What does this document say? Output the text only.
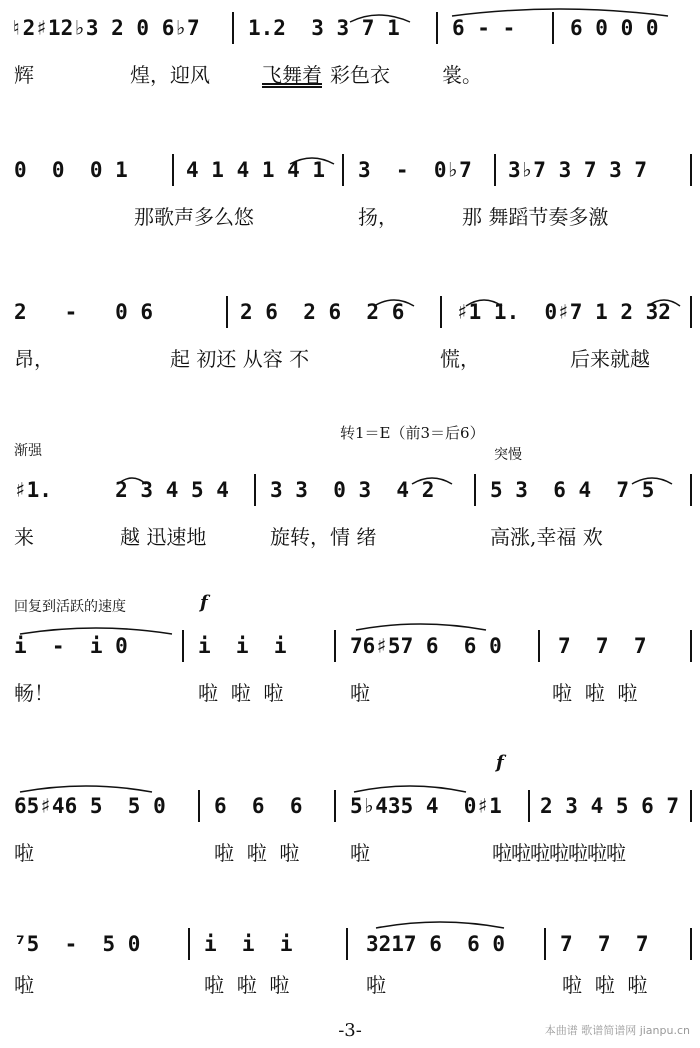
♮2♯12♭3 2 0 6♭7 1.2  3 3 7 1 6 - -	6 0 0 0
辉	煌，迎风	飞舞着 彩色衣	裳。
0  0  0 1	4 1 4 1 4 1 3  -  0♭7 3♭7 3 7 3 7
那歌声多么悠	扬，	那 舞蹈节奏多激
2   -   0 6	2 6  2 6  2 6 ♯1 1.  0♯7 1 2 32
昂，	起 初还 从容 不	慌，	后来就越
渐强
转1＝E（前3＝后6）
突慢
♯1.     2 3 4 5 4 3 3  0 3  4 2	5 3  6 4  7 5
来	越 迅速地	旋转，情 绪	高涨,幸福 欢
回复到活跃的速度	f
i  -  i 0	i  i  i	76♯57 6  6 0	7  7  7
畅！	啦  啦  啦	啦	啦  啦  啦
f
65♯46 5  5 0 6  6  6 5♭435 4  0♯1 2 3 4 5 6 7
啦	啦  啦  啦	啦	啦啦啦啦啦啦啦
⁷5  -  5 0	i  i  i	3217 6  6 0	7  7  7
啦	啦  啦  啦	啦	啦  啦  啦
-3-	本曲谱 歌谱简谱网 jianpu.cn
